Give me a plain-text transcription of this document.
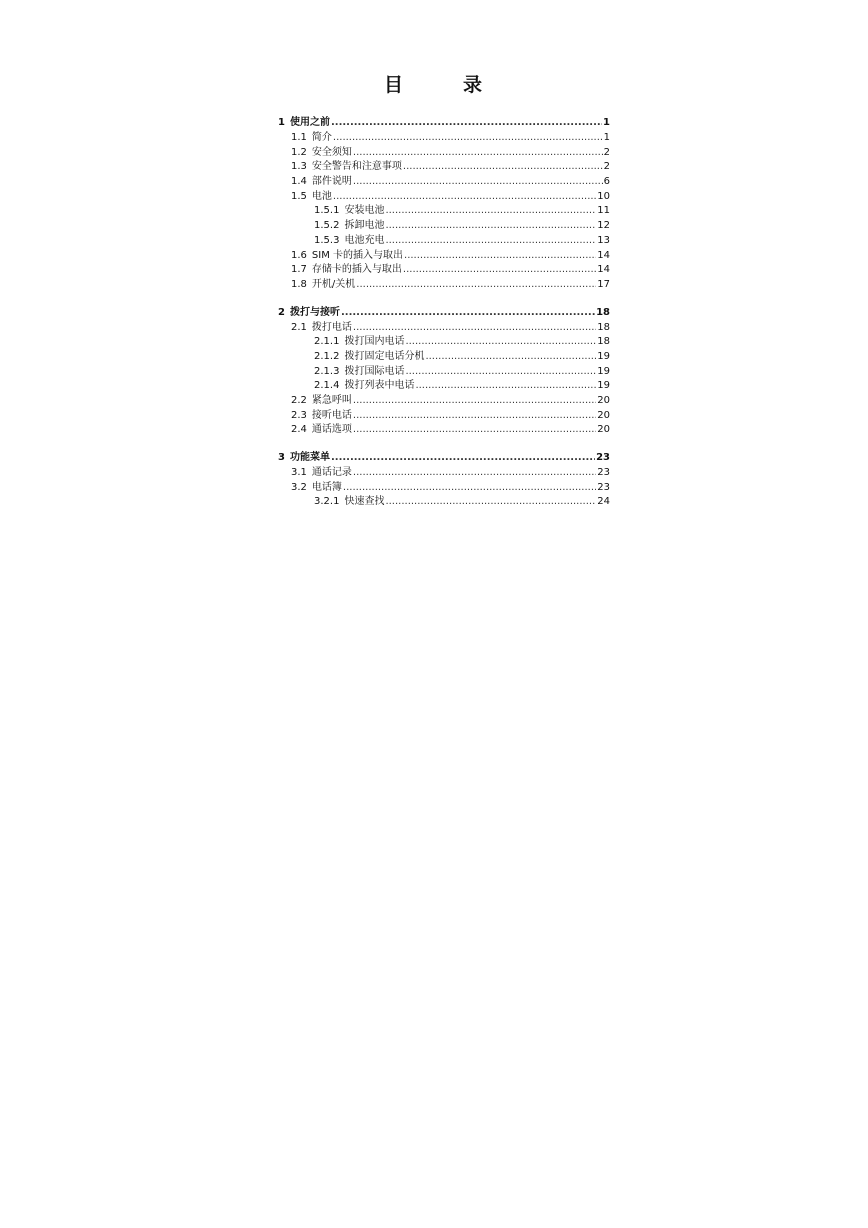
目	录
1 使用之前 .....	1
1.1 简介 .....	1
1.2 安全须知 .....	2
1.3 安全警告和注意事项 .....	2
1.4 部件说明 .....	6
1.5 电池 .....	10
1.5.1 安装电池 .....	11
1.5.2 拆卸电池 .....	12
1.5.3 电池充电 .....	13
1.6 SIM 卡的插入与取出 .....	14
1.7 存储卡的插入与取出 .....	14
1.8 开机/关机 .....	17
2 拨打与接听 .....	18
2.1 拨打电话 .....	18
2.1.1 拨打国内电话 .....	18
2.1.2 拨打固定电话分机 .....	19
2.1.3 拨打国际电话 .....	19
2.1.4 拨打列表中电话 .....	19
2.2 紧急呼叫 .....	20
2.3 接听电话 .....	20
2.4 通话选项 .....	20
3 功能菜单 .....	23
3.1 通话记录 .....	23
3.2 电话簿 .....	23
3.2.1 快速查找 .....	24
